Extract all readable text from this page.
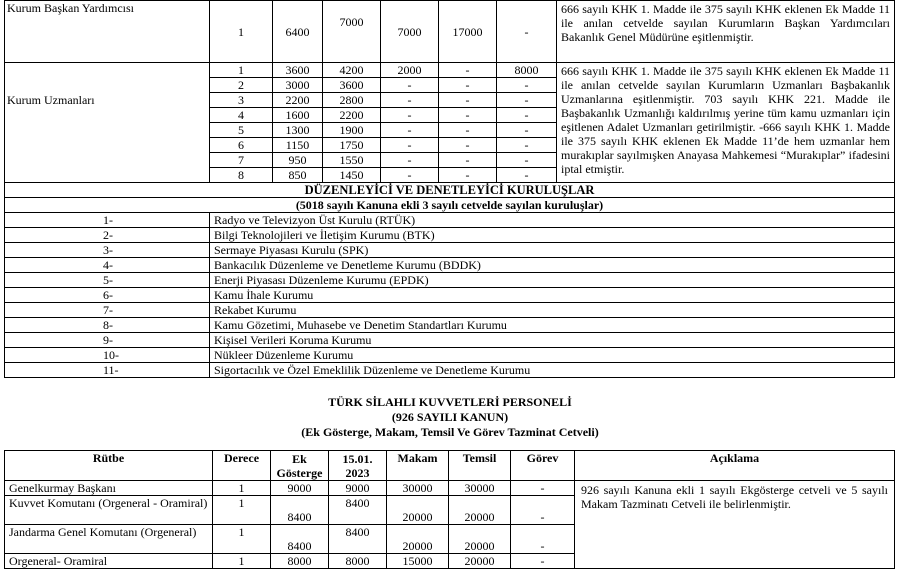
Kurum Başkan Yardımcısı	1	6400	7000	7000	17000	-	666 sayılı KHK 1. Madde ile 375 sayılı KHK eklenen Ek Madde 11 ile anılan cetvelde sayılan Kurumların Başkan Yardımcıları Bakanlık Genel Müdürüne eşitlenmiştir.
Kurum Uzmanları	1	3600	4200	2000	-	8000	666 sayılı KHK 1. Madde ile 375 sayılı KHK eklenen Ek Madde 11 ile anılan cetvelde sayılan Kurumların Uzmanları Başbakanlık Uzmanlarına eşitlenmiştir. 703 sayılı KHK 221. Madde ile Başbakanlık Uzmanlığı kaldırılmış yerine tüm kamu uzmanları için eşitlenen Adalet Uzmanları getirilmiştir. -666 sayılı KHK 1. Madde ile 375 sayılı KHK eklenen Ek Madde 11’de hem uzmanlar hem murakıplar sayılmışken Anayasa Mahkemesi “Murakıplar” ifadesini iptal etmiştir.
	2	3000	3600	-	-	-	
	3	2200	2800	-	-	-	
	4	1600	2200	-	-	-	
	5	1300	1900	-	-	-	
	6	1150	1750	-	-	-	
	7	950	1550	-	-	-	
	8	850	1450	-	-	-	
DÜZENLEYİCİ VE DENETLEYİCİ KURULUŞLAR							
(5018 sayılı Kanuna ekli 3 sayılı cetvelde sayılan kuruluşlar)							
1-	Radyo ve Televizyon Üst Kurulu (RTÜK)						
2-	Bilgi Teknolojileri ve İletişim Kurumu (BTK)						
3-	Sermaye Piyasası Kurulu (SPK)						
4-	Bankacılık Düzenleme ve Denetleme Kurumu (BDDK)						
5-	Enerji Piyasası Düzenleme Kurumu (EPDK)						
6-	Kamu İhale Kurumu						
7-	Rekabet Kurumu						
8-	Kamu Gözetimi, Muhasebe ve Denetim Standartları Kurumu						
9-	Kişisel Verileri Koruma Kurumu						
10-	Nükleer Düzenleme Kurumu						
11-	Sigortacılık ve Özel Emeklilik Düzenleme ve Denetleme Kurumu						
TÜRK SİLAHLI KUVVETLERİ PERSONELİ
(926 SAYILI KANUN)
(Ek Gösterge, Makam, Temsil Ve Görev Tazminat Cetveli)
Rütbe	Derece	Ek Gösterge	15.01. 2023	Makam	Temsil	Görev	Açıklama
Genelkurmay Başkanı	1	9000	9000	30000	30000	-	926 sayılı Kanuna ekli 1 sayılı Ekgösterge cetveli ve 5 sayılı Makam Tazminatı Cetveli ile belirlenmiştir.
Kuvvet Komutanı (Orgeneral - Oramiral)	1	8400	8400	20000	20000	-	
Jandarma Genel Komutanı (Orgeneral)	1	8400	8400	20000	20000	-	
Orgeneral- Oramiral	1	8000	8000	15000	20000	-	
